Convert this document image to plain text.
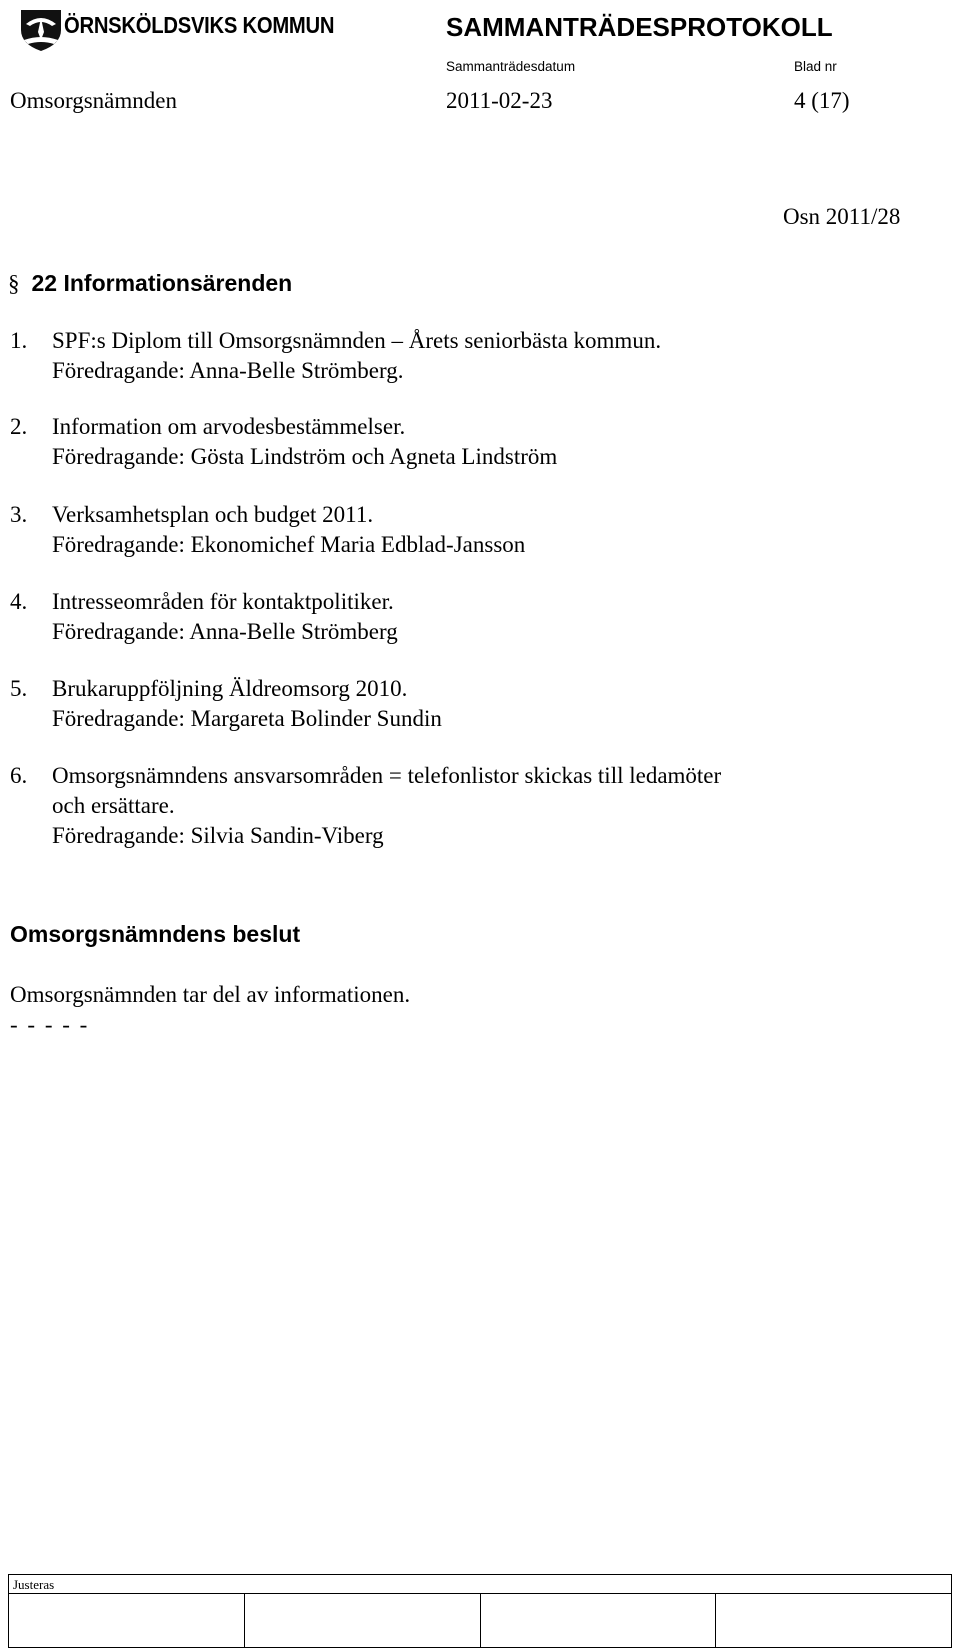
ÖRNSKÖLDSVIKS KOMMUN	SAMMANTRÄDESPROTOKOLL
Sammanträdesdatum	Blad nr
Omsorgsnämnden	2011-02-23	4 (17)
Osn 2011/28
§ 22 Informationsärenden
1. SPF:s Diplom till Omsorgsnämnden – Årets seniorbästa kommun.
Föredragande: Anna-Belle Strömberg.
2. Information om arvodesbestämmelser.
Föredragande: Gösta Lindström och Agneta Lindström
3. Verksamhetsplan och budget 2011.
Föredragande: Ekonomichef Maria Edblad-Jansson
4. Intresseområden för kontaktpolitiker.
Föredragande: Anna-Belle Strömberg
5. Brukaruppföljning Äldreomsorg 2010.
Föredragande: Margareta Bolinder Sundin
6. Omsorgsnämndens ansvarsområden = telefonlistor skickas till ledamöter
och ersättare.
Föredragande: Silvia Sandin-Viberg
Omsorgsnämndens beslut
Omsorgsnämnden tar del av informationen.
- - - - -
Justeras
